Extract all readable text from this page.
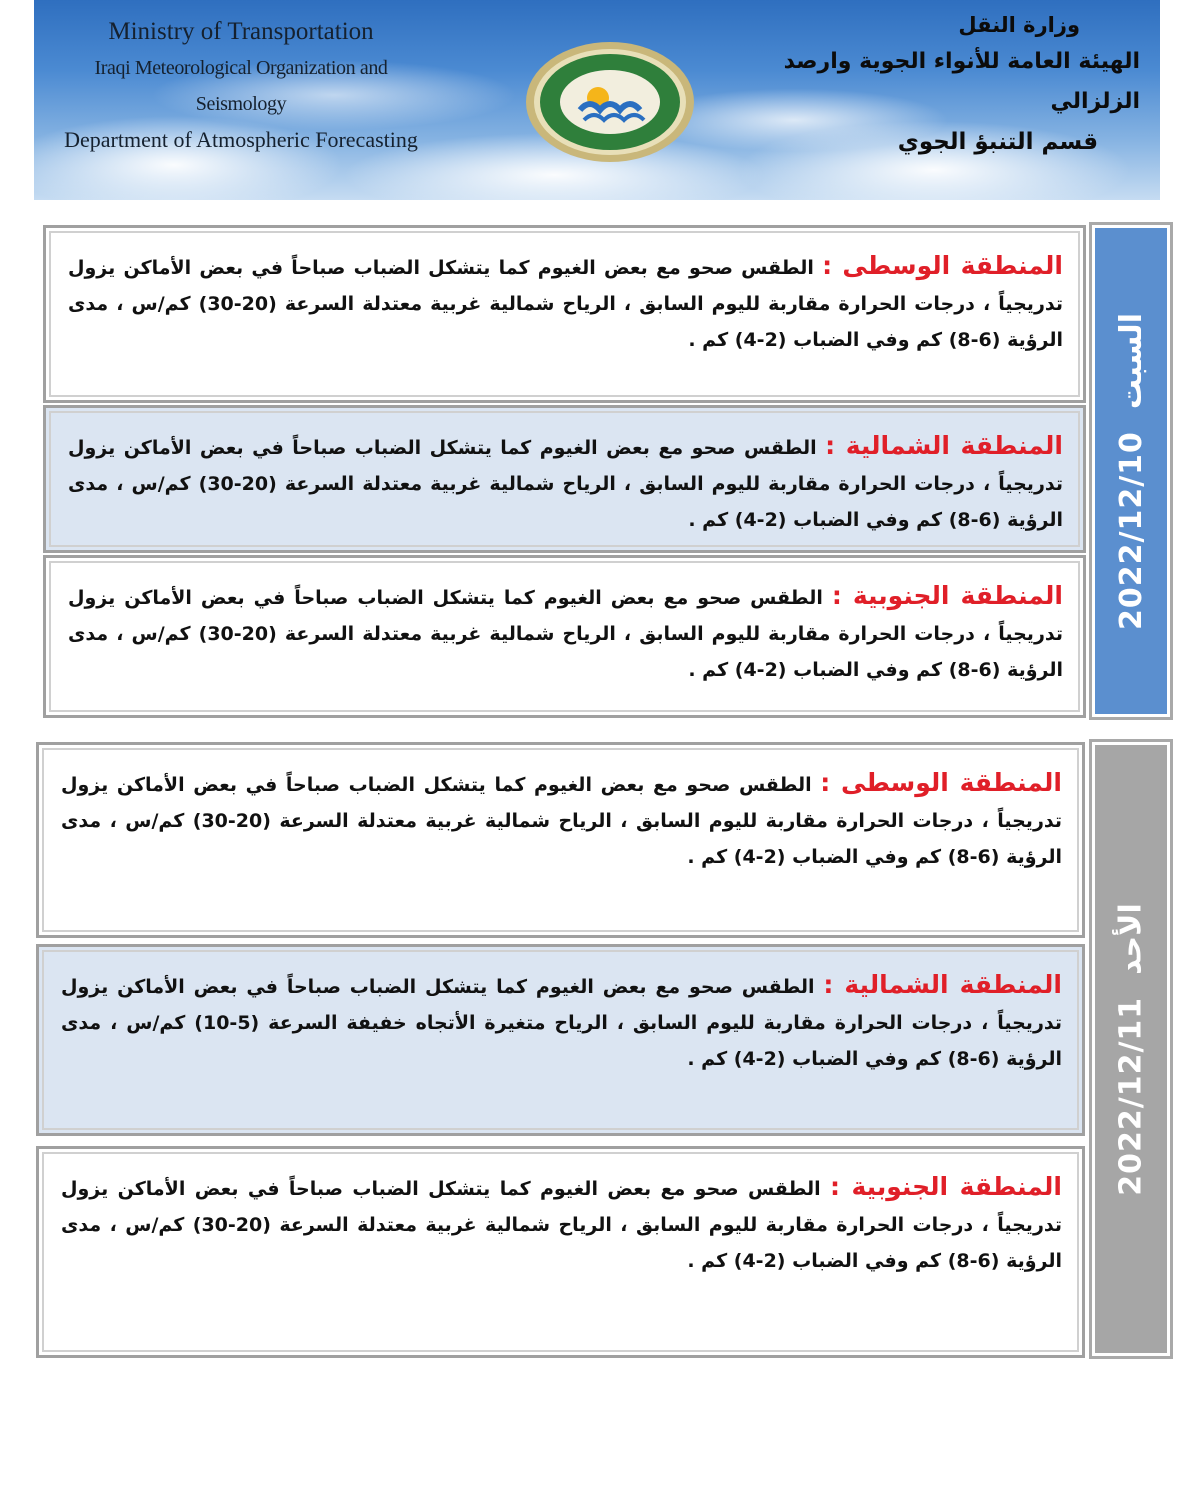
Ministry of Transportation
Iraqi Meteorological Organization and Seismology
Department of Atmospheric Forecasting
وزارة النقل
الهيئة العامة للأنواء الجوية وارصد الزلزالي
قسم التنبؤ الجوي
السبت
2022/12/10

المنطقة الوسطى : الطقس صحو مع بعض الغيوم كما يتشكل الضباب صباحاً في بعض الأماكن يزول تدريجياً ، درجات الحرارة مقاربة لليوم السابق ، الرياح شمالية غربية معتدلة السرعة (20-30) كم/س ، مدى الرؤية (6-8) كم وفي الضباب (2-4) كم .

المنطقة الشمالية : الطقس صحو مع بعض الغيوم كما يتشكل الضباب صباحاً في بعض الأماكن يزول تدريجياً ، درجات الحرارة مقاربة لليوم السابق ، الرياح شمالية غربية معتدلة السرعة (20-30) كم/س ، مدى الرؤية (6-8) كم وفي الضباب (2-4) كم .

المنطقة الجنوبية : الطقس صحو مع بعض الغيوم كما يتشكل الضباب صباحاً في بعض الأماكن يزول تدريجياً ، درجات الحرارة مقاربة لليوم السابق ، الرياح شمالية غربية معتدلة السرعة (20-30) كم/س ، مدى الرؤية (6-8) كم وفي الضباب (2-4) كم .

الأحد
2022/12/11

المنطقة الوسطى : الطقس صحو مع بعض الغيوم كما يتشكل الضباب صباحاً في بعض الأماكن يزول تدريجياً ، درجات الحرارة مقاربة لليوم السابق ، الرياح شمالية غربية معتدلة السرعة (20-30) كم/س ، مدى الرؤية (6-8) كم وفي الضباب (2-4) كم .

المنطقة الشمالية : الطقس صحو مع بعض الغيوم كما يتشكل الضباب صباحاً في بعض الأماكن يزول تدريجياً ، درجات الحرارة مقاربة لليوم السابق ، الرياح متغيرة الأتجاه خفيفة السرعة (5-10) كم/س ، مدى الرؤية (6-8) كم وفي الضباب (2-4) كم .

المنطقة الجنوبية : الطقس صحو مع بعض الغيوم كما يتشكل الضباب صباحاً في بعض الأماكن يزول تدريجياً ، درجات الحرارة مقاربة لليوم السابق ، الرياح شمالية غربية معتدلة السرعة (20-30) كم/س ، مدى الرؤية (6-8) كم وفي الضباب (2-4) كم .
